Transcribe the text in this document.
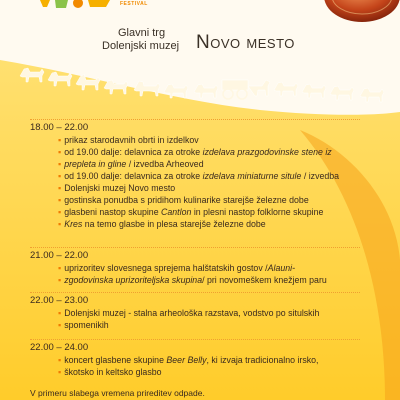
FESTIVAL
Glavni trg
Dolenjski muzej Novo mesto
18.00 – 22.00
▪ prikaz starodavnih obrti in izdelkov
▪ od 19.00 dalje: delavnica za otroke izdelava prazgodovinske stene iz
▪ prepleta in gline / izvedba Arheoved
▪ od 19.00 dalje: delavnica za otroke izdelava miniaturne situle / izvedba
▪ Dolenjski muzej Novo mesto
▪ gostinska ponudba s pridihom kulinarike starejše železne dobe
▪ glasbeni nastop skupine Cantlon in plesni nastop folklorne skupine
▪ Kres na temo glasbe in plesa starejše železne dobe
21.00 – 22.00
▪ uprizoritev slovesnega sprejema halštatskih gostov /Alauni-
▪ zgodovinska uprizoriteljska skupina/ pri novomeškem knežjem paru
22.00 – 23.00
▪ Dolenjski muzej - stalna arheološka razstava, vodstvo po situlskih
▪ spomenikih
22.00 – 24.00
▪ koncert glasbene skupine Beer Belly, ki izvaja tradicionalno irsko,
▪ škotsko in keltsko glasbo
V primeru slabega vremena prireditev odpade.
